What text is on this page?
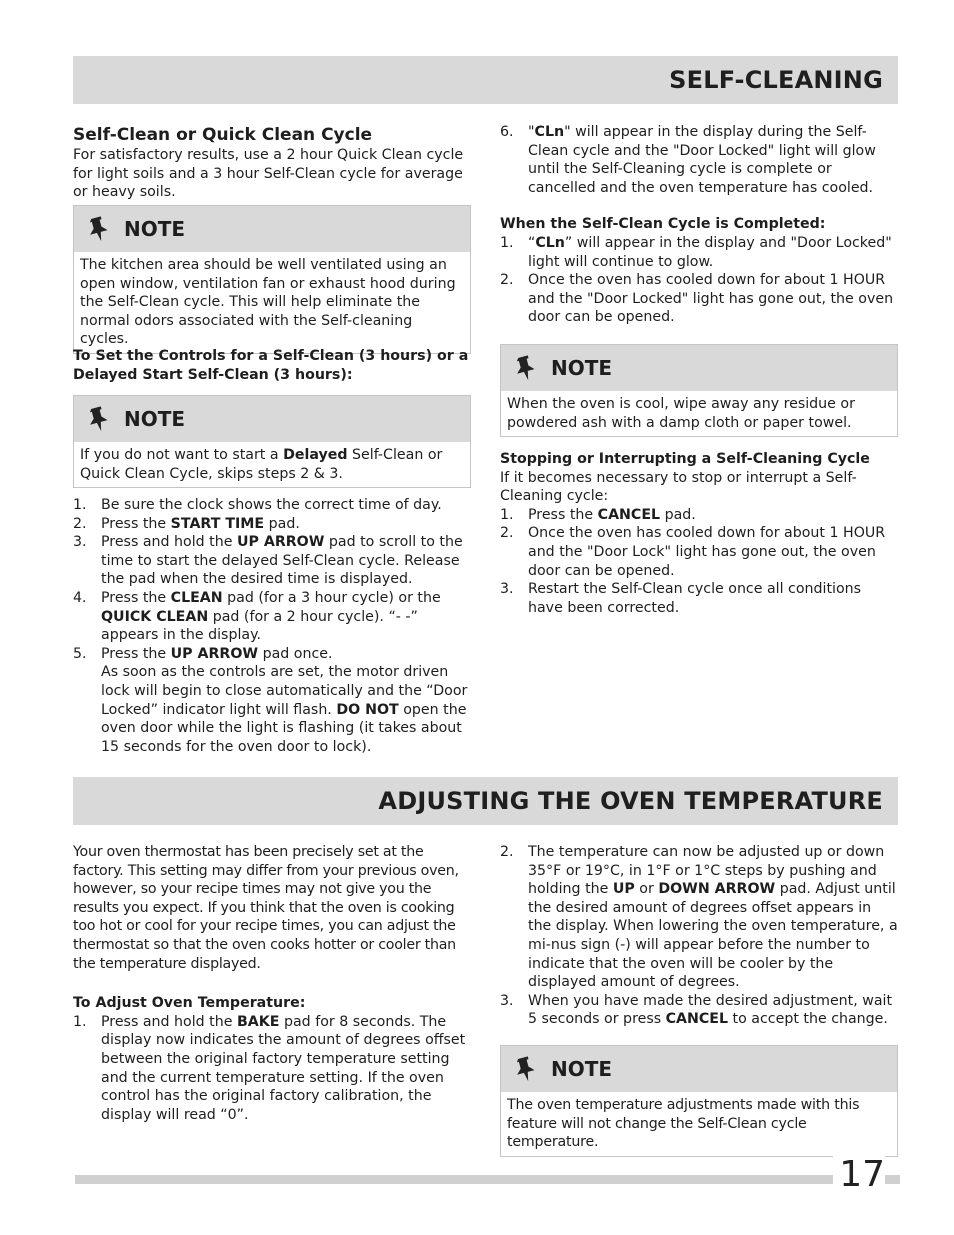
SELF-CLEANING
Self-Clean or Quick Clean Cycle

For satisfactory results, use a 2 hour Quick Clean cycle for light soils and a 3 hour Self-Clean cycle for average or heavy soils.

NOTE

The kitchen area should be well ventilated using an open window, ventilation fan or exhaust hood during the Self-Clean cycle. This will help eliminate the normal odors associated with the Self-cleaning cycles.

To Set the Controls for a Self-Clean (3 hours) or a Delayed Start Self-Clean (3 hours):

NOTE

If you do not want to start a Delayed Self-Clean or Quick Clean Cycle, skips steps 2 & 3.

1. Be sure the clock shows the correct time of day.
2. Press the START TIME pad.
3. Press and hold the UP ARROW pad to scroll to the time to start the delayed Self-Clean cycle. Release the pad when the desired time is displayed.
4. Press the CLEAN pad (for a 3 hour cycle) or the QUICK CLEAN pad (for a 2 hour cycle). “- -” appears in the display.
5. Press the UP ARROW pad once.
As soon as the controls are set, the motor driven lock will begin to close automatically and the “Door Locked” indicator light will flash. DO NOT open the oven door while the light is flashing (it takes about 15 seconds for the oven door to lock).
6. "CLn" will appear in the display during the Self-Clean cycle and the "Door Locked" light will glow until the Self-Cleaning cycle is complete or cancelled and the oven temperature has cooled.

When the Self-Clean Cycle is Completed:

1. “CLn” will appear in the display and "Door Locked" light will continue to glow.
2. Once the oven has cooled down for about 1 HOUR and the "Door Locked" light has gone out, the oven door can be opened.
NOTE

When the oven is cool, wipe away any residue or powdered ash with a damp cloth or paper towel.

Stopping or Interrupting a Self-Cleaning Cycle

If it becomes necessary to stop or interrupt a Self-Cleaning cycle:

1. Press the CANCEL pad.
2. Once the oven has cooled down for about 1 HOUR and the "Door Lock" light has gone out, the oven door can be opened.
3. Restart the Self-Clean cycle once all conditions have been corrected.
ADJUSTING THE OVEN TEMPERATURE

Your oven thermostat has been precisely set at the factory. This setting may differ from your previous oven, however, so your recipe times may not give you the results you expect. If you think that the oven is cooking too hot or cool for your recipe times, you can adjust the thermostat so that the oven cooks hotter or cooler than the temperature displayed.

To Adjust Oven Temperature:

1. Press and hold the BAKE pad for 8 seconds. The display now indicates the amount of degrees offset between the original factory temperature setting and the current temperature setting. If the oven control has the original factory calibration, the display will read “0”.
2. The temperature can now be adjusted up or down 35°F or 19°C, in 1°F or 1°C steps by pushing and holding the UP or DOWN ARROW pad. Adjust until the desired amount of degrees offset appears in the display. When lowering the oven temperature, a mi-nus sign (-) will appear before the number to indicate that the oven will be cooler by the displayed amount of degrees.
3. When you have made the desired adjustment, wait 5 seconds or press CANCEL to accept the change.
NOTE

The oven temperature adjustments made with this feature will not change the Self-Clean cycle temperature.

17
